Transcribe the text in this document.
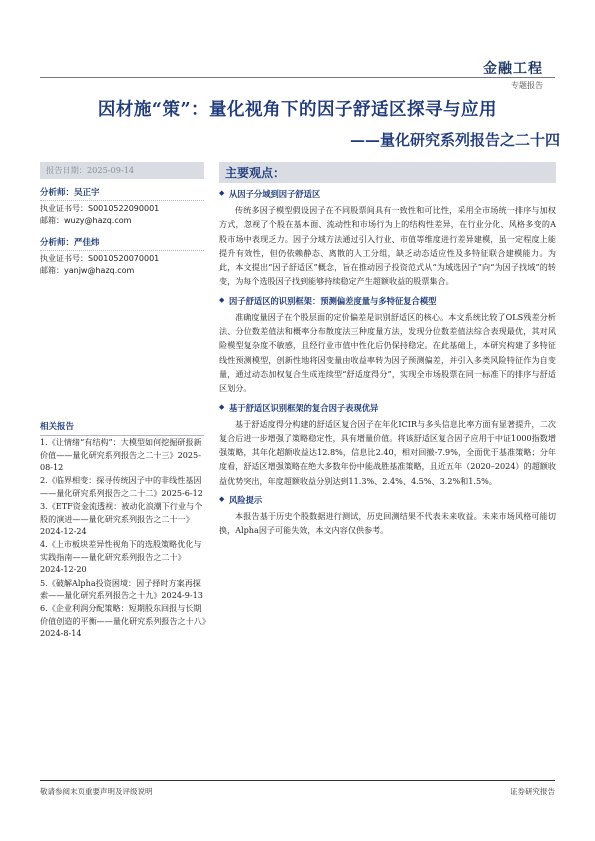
金融工程
专题报告
因材施“策”：量化视角下的因子舒适区探寻与应用
——量化研究系列报告之二十四
报告日期：2025-09-14
分析师：吴正宇
执业证书号：S0010522090001
邮箱：wuzy@hazq.com
分析师：严佳炜
执业证书号：S0010520070001
邮箱：yanjw@hazq.com
相关报告
1.《让情绪“有结构”：大模型如何挖掘研报新价值——量化研究系列报告之二十三》2025-08-12
2.《临界相变：探寻传统因子中的非线性基因——量化研究系列报告之二十二》2025-6-12
3.《ETF资金流透视：被动化浪潮下行业与个股的演进——量化研究系列报告之二十一》2024-12-24
4.《上市板块差异性视角下的选股策略优化与实践指南——量化研究系列报告之二十》2024-12-20
5.《破解Alpha投资困境：因子择时方案再探索——量化研究系列报告之十九》2024-9-13
6.《企业利润分配策略：短期股东回报与长期价值创造的平衡——量化研究系列报告之十八》2024-8-14
主要观点：
◆ 从因子分域到因子舒适区

传统多因子模型假设因子在不同股票间具有一致性和可比性，采用全市场统一排序与加权方式，忽视了个股在基本面、流动性和市场行为上的结构性差异，在行业分化、风格多变的A股市场中表现乏力。因子分域方法通过引入行业、市值等维度进行差异建模，虽一定程度上能提升有效性，但仍依赖静态、离散的人工分组，缺乏动态适应性及多特征联合建模能力。为此，本文提出“因子舒适区”概念，旨在推动因子投资范式从“为域选因子”向“为因子找域”的转变，为每个选股因子找到能够持续稳定产生超额收益的股票集合。

◆ 因子舒适区的识别框架：预测偏差度量与多特征复合模型

准确度量因子在个股层面的定价偏差是识别舒适区的核心。本文系统比较了OLS残差分析法、分位数差值法和概率分布散度法三种度量方法，发现分位数差值法综合表现最优，其对风险模型复杂度不敏感，且经行业市值中性化后仍保持稳定。在此基础上，本研究构建了多特征线性预测模型，创新性地将因变量由收益率转为因子预测偏差，并引入多类风险特征作为自变量，通过动态加权复合生成连续型“舒适度得分”，实现全市场股票在同一标准下的排序与舒适区划分。

◆ 基于舒适区识别框架的复合因子表现优异

基于舒适度得分构建的舒适区复合因子在年化ICIR与多头信息比率方面有显著提升，二次复合后进一步增强了策略稳定性，具有增量价值。将该舒适区复合因子应用于中证1000指数增强策略，其年化超额收益达12.8%，信息比2.40，相对回撤-7.9%，全面优于基准策略；分年度看，舒适区增强策略在绝大多数年份中能战胜基准策略，且近五年（2020–2024）的超额收益优势突出，年度超额收益分别达到11.3%、2.4%、4.5%、3.2%和1.5%。

◆ 风险提示

本报告基于历史个股数据进行测试，历史回测结果不代表未来收益。未来市场风格可能切换，Alpha因子可能失效，本文内容仅供参考。

敬请参阅末页重要声明及评级说明	证券研究报告
